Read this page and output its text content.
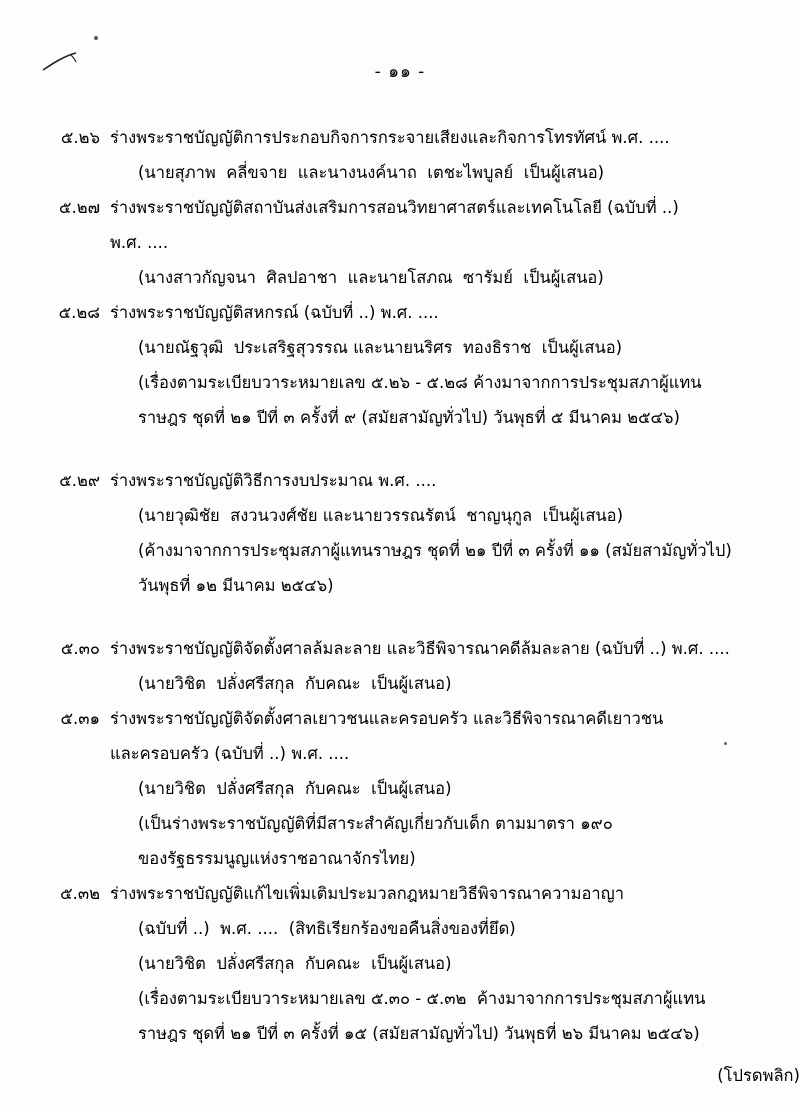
- ๑๑ -
๕.๒๖ ร่างพระราชบัญญัติการประกอบกิจการกระจายเสียงและกิจการโทรทัศน์ พ.ศ. ....
(นายสุภาพ  คลี่ขจาย  และนางนงค์นาถ  เตชะไพบูลย์  เป็นผู้เสนอ)
๕.๒๗ ร่างพระราชบัญญัติสถาบันส่งเสริมการสอนวิทยาศาสตร์และเทคโนโลยี (ฉบับที่ ..)
พ.ศ. ....
(นางสาวกัญจนา  ศิลปอาชา  และนายโสภณ  ซารัมย์  เป็นผู้เสนอ)
๕.๒๘ ร่างพระราชบัญญัติสหกรณ์ (ฉบับที่ ..) พ.ศ. ....
(นายณัฐวุฒิ  ประเสริฐสุวรรณ และนายนริศร  ทองธิราช  เป็นผู้เสนอ)
(เรื่องตามระเบียบวาระหมายเลข ๕.๒๖ - ๕.๒๘ ค้างมาจากการประชุมสภาผู้แทน
ราษฎร ชุดที่ ๒๑ ปีที่ ๓ ครั้งที่ ๙ (สมัยสามัญทั่วไป) วันพุธที่ ๕ มีนาคม ๒๕๔๖)
๕.๒๙ ร่างพระราชบัญญัติวิธีการงบประมาณ พ.ศ. ....
(นายวุฒิชัย  สงวนวงศ์ชัย และนายวรรณรัตน์  ชาญนุกูล  เป็นผู้เสนอ)
(ค้างมาจากการประชุมสภาผู้แทนราษฎร ชุดที่ ๒๑ ปีที่ ๓ ครั้งที่ ๑๑ (สมัยสามัญทั่วไป)
วันพุธที่ ๑๒ มีนาคม ๒๕๔๖)
๕.๓๐ ร่างพระราชบัญญัติจัดตั้งศาลล้มละลาย และวิธีพิจารณาคดีล้มละลาย (ฉบับที่ ..) พ.ศ. ....
(นายวิชิต  ปลั่งศรีสกุล  กับคณะ  เป็นผู้เสนอ)
๕.๓๑ ร่างพระราชบัญญัติจัดตั้งศาลเยาวชนและครอบครัว และวิธีพิจารณาคดีเยาวชน
และครอบครัว (ฉบับที่ ..) พ.ศ. ....
(นายวิชิต  ปลั่งศรีสกุล  กับคณะ  เป็นผู้เสนอ)
(เป็นร่างพระราชบัญญัติที่มีสาระสำคัญเกี่ยวกับเด็ก ตามมาตรา ๑๙๐
ของรัฐธรรมนูญแห่งราชอาณาจักรไทย)
๕.๓๒ ร่างพระราชบัญญัติแก้ไขเพิ่มเติมประมวลกฎหมายวิธีพิจารณาความอาญา
(ฉบับที่ ..)  พ.ศ. ....  (สิทธิเรียกร้องขอคืนสิ่งของที่ยึด)
(นายวิชิต  ปลั่งศรีสกุล  กับคณะ  เป็นผู้เสนอ)
(เรื่องตามระเบียบวาระหมายเลข ๕.๓๐ - ๕.๓๒  ค้างมาจากการประชุมสภาผู้แทน
ราษฎร ชุดที่ ๒๑ ปีที่ ๓ ครั้งที่ ๑๕ (สมัยสามัญทั่วไป) วันพุธที่ ๒๖ มีนาคม ๒๕๔๖)
(โปรดพลิก)
